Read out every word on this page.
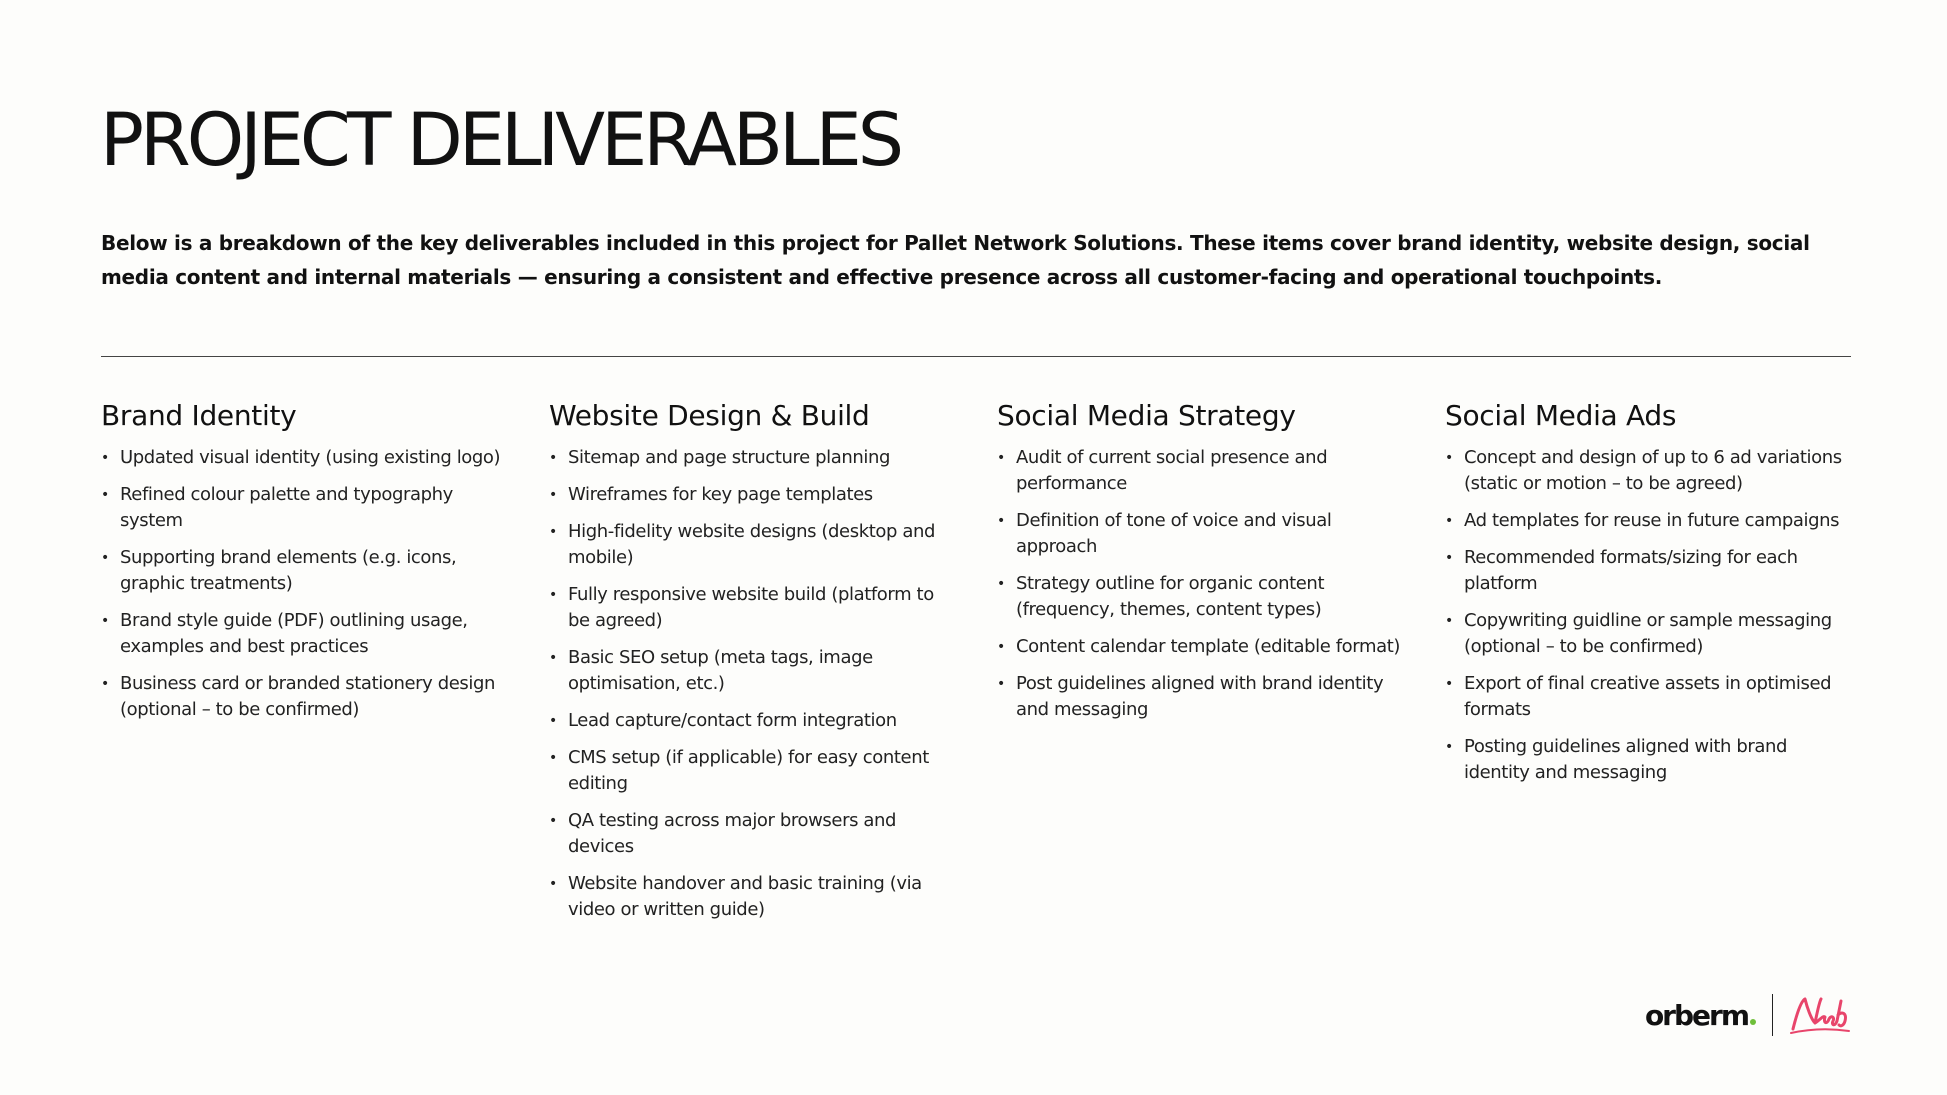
PROJECT DELIVERABLES

Below is a breakdown of the key deliverables included in this project for Pallet Network Solutions. These items cover brand identity, website design, social media content and internal materials — ensuring a consistent and effective presence across all customer-facing and operational touchpoints.

Brand Identity
• Updated visual identity (using existing logo)
• Refined colour palette and typography system
• Supporting brand elements (e.g. icons, graphic treatments)
• Brand style guide (PDF) outlining usage, examples and best practices
• Business card or branded stationery design (optional – to be confirmed)
Website Design & Build
• Sitemap and page structure planning
• Wireframes for key page templates
• High-fidelity website designs (desktop and mobile)
• Fully responsive website build (platform to be agreed)
• Basic SEO setup (meta tags, image optimisation, etc.)
• Lead capture/contact form integration
• CMS setup (if applicable) for easy content editing
• QA testing across major browsers and devices
• Website handover and basic training (via video or written guide)
Social Media Strategy
• Audit of current social presence and performance
• Definition of tone of voice and visual approach
• Strategy outline for organic content (frequency, themes, content types)
• Content calendar template (editable format)
• Post guidelines aligned with brand identity and messaging
Social Media Ads
• Concept and design of up to 6 ad variations (static or motion – to be agreed)
• Ad templates for reuse in future campaigns
• Recommended formats/sizing for each platform
• Copywriting guidline or sample messaging (optional – to be confirmed)
• Export of final creative assets in optimised formats
• Posting guidelines aligned with brand identity and messaging
orberm
